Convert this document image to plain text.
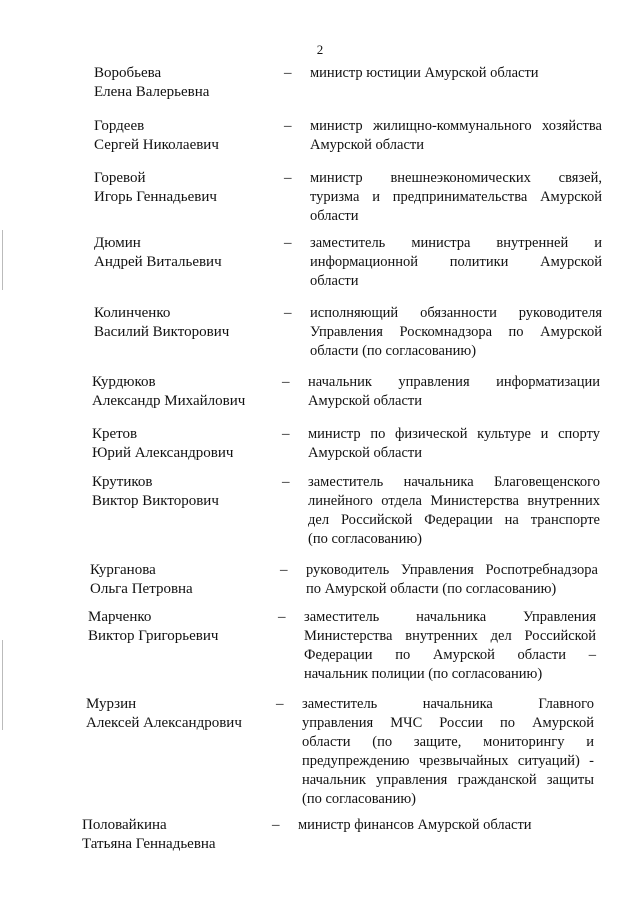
2
Воробьева
Елена Валерьевна
– министр юстиции Амурской области
Гордеев
Сергей Николаевич
– министр жилищно-коммунального хозяйства
Амурской области
Горевой
Игорь Геннадьевич
– министр внешнеэкономических связей,
туризма и предпринимательства Амурской
области
Дюмин
Андрей Витальевич
– заместитель министра внутренней и
информационной политики Амурской
области
Колинченко
Василий Викторович
– исполняющий обязанности руководителя
Управления Роскомнадзора по Амурской
области (по согласованию)
Курдюков
Александр Михайлович
– начальник управления информатизации
Амурской области
Кретов
Юрий Александрович
– министр по физической культуре и спорту
Амурской области
Крутиков
Виктор Викторович
– заместитель начальника Благовещенского
линейного отдела Министерства внутренних
дел Российской Федерации на транспорте
(по согласованию)
Курганова
Ольга Петровна
– руководитель Управления Роспотребнадзора
по Амурской области (по согласованию)
Марченко
Виктор Григорьевич
– заместитель начальника Управления
Министерства внутренних дел Российской
Федерации по Амурской области –
начальник полиции (по согласованию)
Мурзин
Алексей Александрович
– заместитель начальника Главного
управления МЧС России по Амурской
области (по защите, мониторингу и
предупреждению чрезвычайных ситуаций) -
начальник управления гражданской защиты
(по согласованию)
Половайкина
Татьяна Геннадьевна
– министр финансов Амурской области
